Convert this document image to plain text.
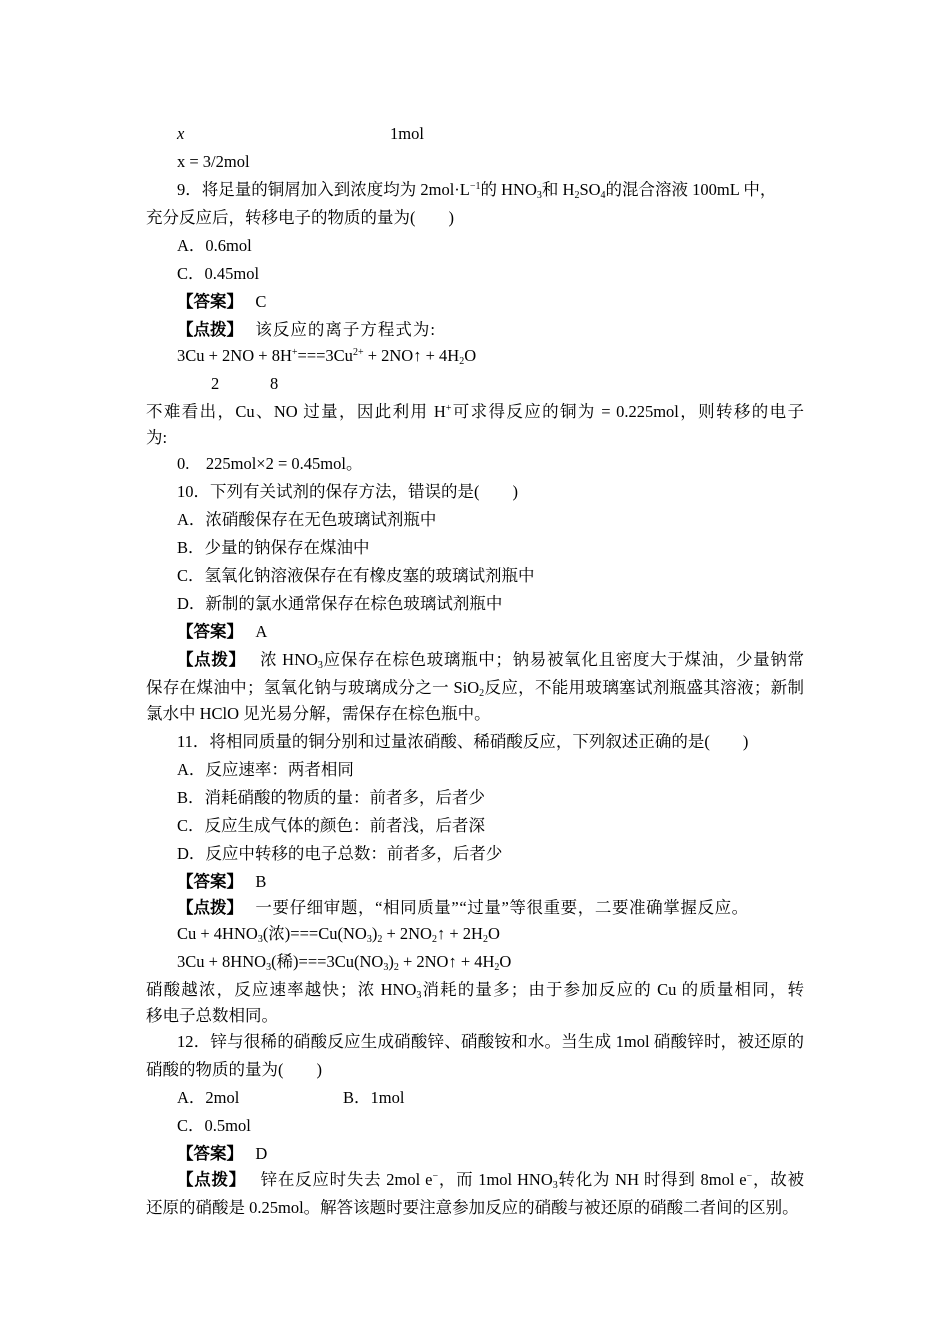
x	1mol
x = 3/2mol
9．将足量的铜屑加入到浓度均为 $2mol\cdot L^{-1}$的 $HNO_3$和 $H_2SO_4$的混合溶液 100mL 中，
充分反应后，转移电子的物质的量为(　　)
A．0.6mol
C．0.45mol
【答案】 C
【点拨】 该反应的离子方程式为:
$3Cu + 2NO + 8H^+===3Cu^{2+}$ + 2NO↑ + $4H_2O$
2	8
不难看出，Cu、NO 过量，因此利用 H+可求得反应的铜为 = 0.225mol，则转移的电子
为:
0.　225mol×2 = 0.45mol。
10．下列有关试剂的保存方法，错误的是(　　)
A．浓硝酸保存在无色玻璃试剂瓶中
B．少量的钠保存在煤油中
C．氢氧化钠溶液保存在有橡皮塞的玻璃试剂瓶中
D．新制的氯水通常保存在棕色玻璃试剂瓶中
【答案】 A
【点拨】 浓 $HNO_3$应保存在棕色玻璃瓶中；钠易被氧化且密度大于煤油，少量钠常
保存在煤油中；氢氧化钠与玻璃成分之一 SiO$_2$反应，不能用玻璃塞试剂瓶盛其溶液；新制
氯水中 HClO 见光易分解，需保存在棕色瓶中。
11．将相同质量的铜分别和过量浓硝酸、稀硝酸反应，下列叙述正确的是(　　)
A．反应速率：两者相同
B．消耗硝酸的物质的量：前者多，后者少
C．反应生成气体的颜色：前者浅，后者深
D．反应中转移的电子总数：前者多，后者少
【答案】 B
【点拨】 一要仔细审题，“相同质量”“过量”等很重要，二要准确掌握反应。
$Cu + 4HNO_3$(浓)$===Cu(NO_3)_2$ + $2NO_2↑ + 2H_2O$
$3Cu + 8HNO_3$(稀)$===3Cu(NO_3)_2$ + 2NO↑ + $4H_2O$
硝酸越浓，反应速率越快；浓 $HNO_3$消耗的量多；由于参加反应的 Cu 的质量相同，转
移电子总数相同。
12．锌与很稀的硝酸反应生成硝酸锌、硝酸铵和水。当生成 1mol 硝酸锌时，被还原的
硝酸的物质的量为(　　)
A．2mol	B．1mol
C．0.5mol
【答案】 D
【点拨】 锌在反应时失去 2mol e−，而 1mol $HNO_3$转化为 NH 时得到 8mol e−，故被
还原的硝酸是 0.25mol。解答该题时要注意参加反应的硝酸与被还原的硝酸二者间的区别。
